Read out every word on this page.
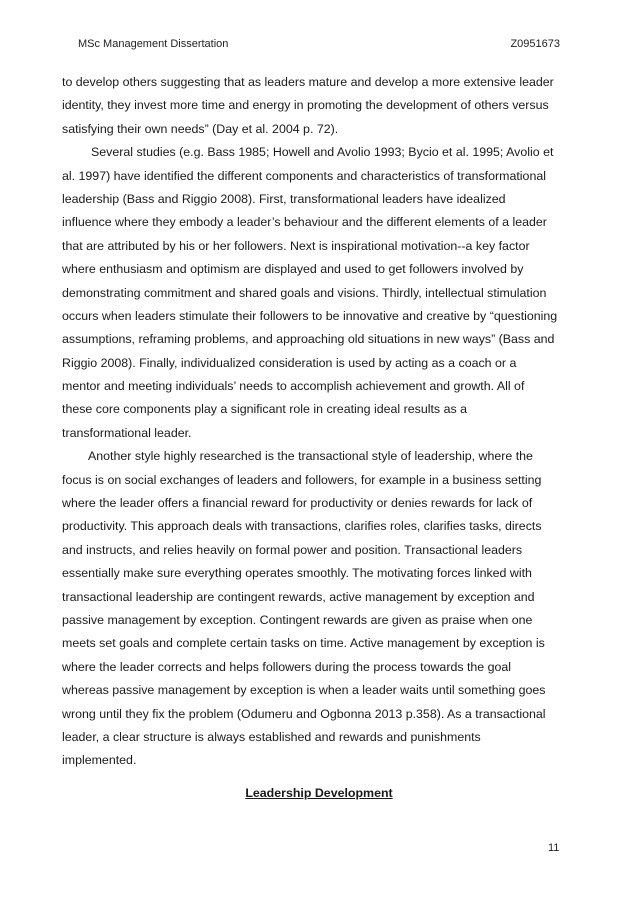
MSc Management Dissertation	Z0951673
to develop others suggesting that as leaders mature and develop a more extensive leader
identity, they invest more time and energy in promoting the development of others versus
satisfying their own needs” (Day et al. 2004 p. 72).
Several studies (e.g. Bass 1985; Howell and Avolio 1993; Bycio et al. 1995; Avolio et
al. 1997) have identified the different components and characteristics of transformational
leadership (Bass and Riggio 2008). First, transformational leaders have idealized
influence where they embody a leader’s behaviour and the different elements of a leader
that are attributed by his or her followers. Next is inspirational motivation--a key factor
where enthusiasm and optimism are displayed and used to get followers involved by
demonstrating commitment and shared goals and visions. Thirdly, intellectual stimulation
occurs when leaders stimulate their followers to be innovative and creative by “questioning
assumptions, reframing problems, and approaching old situations in new ways” (Bass and
Riggio 2008). Finally, individualized consideration is used by acting as a coach or a
mentor and meeting individuals’ needs to accomplish achievement and growth. All of
these core components play a significant role in creating ideal results as a
transformational leader.
Another style highly researched is the transactional style of leadership, where the
focus is on social exchanges of leaders and followers, for example in a business setting
where the leader offers a financial reward for productivity or denies rewards for lack of
productivity. This approach deals with transactions, clarifies roles, clarifies tasks, directs
and instructs, and relies heavily on formal power and position. Transactional leaders
essentially make sure everything operates smoothly. The motivating forces linked with
transactional leadership are contingent rewards, active management by exception and
passive management by exception. Contingent rewards are given as praise when one
meets set goals and complete certain tasks on time. Active management by exception is
where the leader corrects and helps followers during the process towards the goal
whereas passive management by exception is when a leader waits until something goes
wrong until they fix the problem (Odumeru and Ogbonna 2013 p.358). As a transactional
leader, a clear structure is always established and rewards and punishments
implemented.
Leadership Development
11
